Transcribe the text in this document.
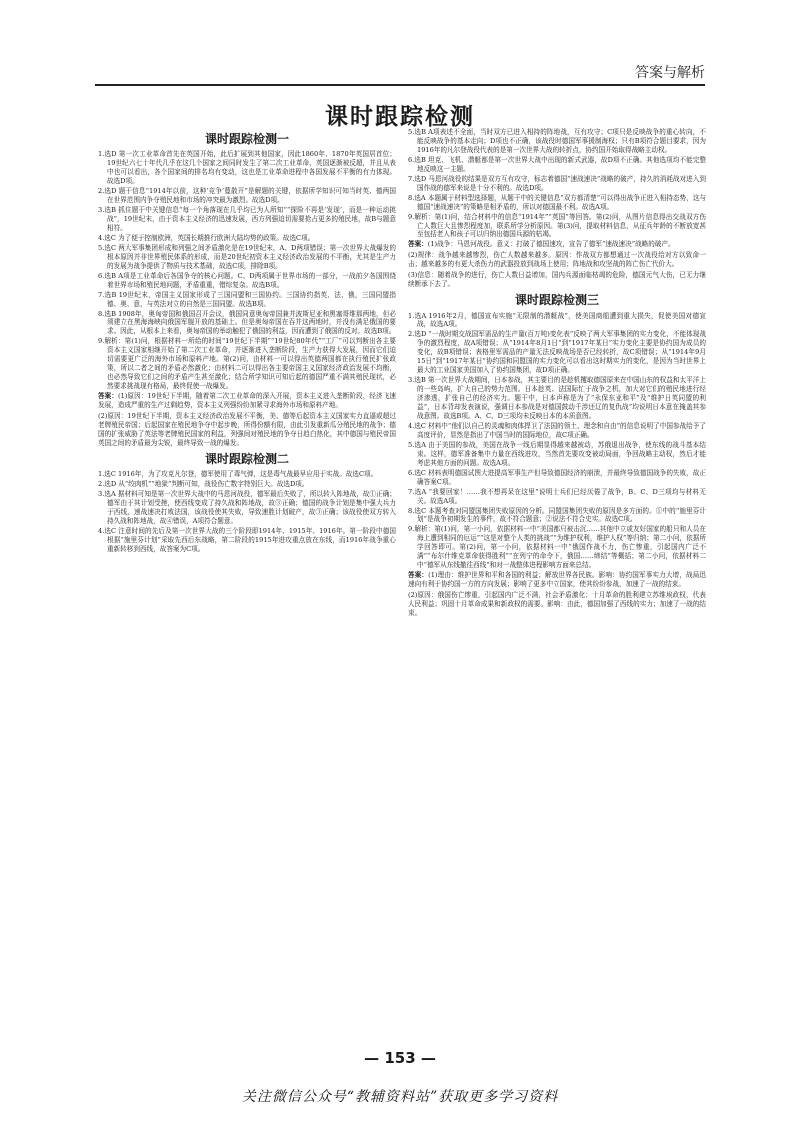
答案与解析
课时跟踪检测
课时跟踪检测一

1.选D 第一次工业革命首先在英国开始，此后扩展到其他国家，因此1860年、1870年英国居首位；19世纪六七十年代几乎在这几个国家之间同时发生了第二次工业革命，英国逐渐被反超，并且从表中也可以看出，各个国家间的排名均有变动，这也是工业革命进程中各国发展不平衡的有力体现。故选D项。

2.选D 题干信息“1914年以前，这种‘竞争’蔓散开”是解题的关键，依据所学知识可知当时英、德两国在世界范围内争夺殖民地和市场的冲突最为激烈。故选D项。

3.选B 抓住题干中关键信息“每一个角落现在几乎均已为人所知”“探险不再是‘发现’，而是一种运动挑战”，19世纪末，由于资本主义经济的迅速发展，西方列强迫切需要抢占更多的殖民地，故B与题意相符。

4.选C 为了便于控制欧洲，英国长期推行欧洲大陆均势的政策。故选C项。

5.选C 两大军事集团形成和列强之间矛盾激化是在19世纪末，A、D两项错误；第一次世界大战爆发的根本原因并非世界殖民体系的形成，而是20世纪初资本主义经济政治发展的不平衡，尤其是生产力的发展为战争提供了物质与技术基础，故选C项，排除B项。

6.选B A项是工业革命后各国争夺的核心问题。C、D两项属于世界市场的一部分，一战前夕各国围绕着世界市场和殖民地问题，矛盾重重，错综复杂。故选B项。

7.选B 19世纪末，帝国主义国家形成了三国同盟和三国协约。三国协约指英、法、俄，三国同盟指德、奥、意，与英法对立的自然是三国同盟。故选B项。

8.选B 1908年，奥匈帝国和俄国召开会议，俄国同意奥匈帝国兼并波斯尼亚和黑塞哥维那两地，但必须建立在黑海海峡向俄国军舰开放的基础上。但是奥匈帝国在吞并这两地时，并没有满足俄国的要求。因此，从根本上来看，奥匈帝国的举动触犯了俄国的利益，因而遭到了俄国的反对。故选B项。

9.解析：第(1)问，根据材料一所给的时间“19世纪下半期”“19世纪80年代”“工厂”可以判断出各主要资本主义国家相继开始了第二次工业革命，并逐渐进入垄断阶段，生产力获得大发展，因而它们迫切需要更广泛的海外市场和原料产地。第(2)问，由材料一可以得出英德两国都在执行殖民扩张政策，所以二者之间的矛盾必然激化；由材料二可以得出各主要帝国主义国家经济政治发展不均衡，也必然导致它们之间的矛盾产生甚至激化；结合所学知识可知后起的德国严重不满其殖民现状，必然要求挑战现有格局，最终促使一战爆发。

答案：(1)原因：19世纪下半期，随着第二次工业革命的深入开展，资本主义进入垄断阶段，经济飞速发展，造成严重的生产过剩趋势，资本主义列强纷纷加紧寻求海外市场和原料产地。

(2)原因：19世纪下半期，资本主义经济政治发展不平衡，美、德等后起资本主义国家实力直逼或超过老牌殖民帝国；后起国家在殖民地争夺中起步晚，所得份额有限，由此引发重新瓜分殖民地的战争；德国的扩张威胁了英法等老牌殖民国家的利益，列强间对殖民地的争夺日趋白热化，其中德国与殖民帝国英国之间的矛盾最为尖锐，最终导致一战的爆发。

课时跟踪检测二

1.选C 1916年，为了攻克凡尔登，德军使用了毒气弹，这是毒气战最早应用于实战。故选C项。

2.选D 从“绞肉机”“地狱”判断可知，战役伤亡数字特别巨大。故选D项。

3.选A 据材料可知是第一次世界大战中的马恩河战役，德军最后失败了，所以转入阵地战，故①正确；德军由于其计划受挫，使西线变成了持久战和阵地战，故③正确；德国的战争计划是集中强大兵力于西线，速战速决打败法国，该战役使其失败，导致速胜计划破产，故③正确；该战役使双方转入持久战和阵地战，故④错误，A项符合题意。

4.选C 注意时间的先后及第一次世界大战的三个阶段即1914年、1915年、1916年。第一阶段中德国根据“施里芬计划”采取先西后东战略，第二阶段的1915年进攻重点放在东线，而1916年战争重心重新转移到西线，故答案为C项。

5.选B A项表述不全面，当时双方已进入相持的阵地战，互有攻守；C项只是反映战争的重心转向，不能反映战争的基本走向；D项也不正确，该战役时德国军事援制海权；只有B项符合题目要求，因为1916年的凡尔登战役代表的是第一次世界大战的转折点，协约国开始取得战略主动权。

6.选B 坦克、飞机、潜艇都是第一次世界大战中出现的新式武器，故D项不正确。其他选项均不能完整地反映这一主题。

7.选D 马恩河战役的结果是双方互有攻守，标志着德国“速战速决”战略的破产，持久的消耗战对进入到国作战的德军来说是十分不利的。故选D项。

8.选A 本题属于材料型选择题，从题干中的关键信息“双方都清楚”可以得出战争正进入相持态势，这与德国“速战速决”的策略是相矛盾的，所以对德国最不利。故选A项。

9.解析：第(1)问，结合材料中的信息“1914年”“英国”等回答。第(2)问，从图片信息得出交战双方伤亡人数巨大且惨烈程度加，联系所学分析原因。第(3)问，提取材料信息，从征兵年龄的不断放宽甚至包括老人和孩子可以归纳出德国兵源的枯竭。

答案：(1)战争：马恩河战役。意义：打破了德国速攻，宣告了德军“速战速决”战略的破产。

(2)规律：战争越来越惨烈，伤亡人数越来越多。原因：作战双方都想通过一次战役给对方以致命一击；越来越多的有更大杀伤力的武器投放到战场上使用；阵地战和攻坚战的阵亡伤亡代价大。

(3)信息：随着战争的进行，伤亡人数日益增加，国内兵源面临枯竭的危险，德国元气大伤，已无力继续断承下去了。

课时跟踪检测三

1.选A 1916年2月，德国宣布实施“无限制的潜艇战”，使美国商船遭到重大损失，促使美国对德宣战，故选A项。

2.选D “一战时期交战国军需品的生产量(百万吨)变化表”反映了两大军事集团的实力变化，不能体现战争的激烈程度，故A项错误；从“1914年8月1日”到“1917年某日”实力变化主要是协约国为成员的变化，故B项错误；表格里军需品的产量无法反映战场是否已经转折，故C项错误；从“1914年9月15日”到“1917年某日”协约国和同盟国的实力变化可以看出这时期实力的变化，是因为当时世界上最大的工业国家美国加入了协约国集团，故D项正确。

3.选B 第一次世界大战期间，日本参战，其主要目的是趁机攫取德国原来在中国山东的权益和太平洋上的一些岛屿，扩大自己的势力范围。日本趁英、法国际忙于战争之机，加大对它们的殖民地进行经济渗透，扩张自己的经济实力。题干中，日本声称是为了“永保东亚和平”及“维护日英同盟的利益”，日本背却发表演说，强调日本参战是对德国鼓动千涉还辽的复仇战”均说明日本意在掩盖其参战意图。故选B项。A、C、D三项均未反映日本的本质意图。

4.选C 材料中“他们以自己的灵魂和肉体捍卫了法国的领土、理念和自由”的信息说明了中国参战给予了高度评价，显然是指出了中国当时的国际地位，故C项正确。

5.选A 由于美国的参战，美国在战争一线后期显得越来越被动，苏俄退出战争，使东线的战斗基本结束。这样，德军准备集中力量在西线进攻，当然首先要攻变被动局面，争回战略主动权，然后才能考虑其他方面的问题。故选A项。

6.选C 材料表明德国试图大进提高军事生产但导致德国经济的崩溃，并最终导致德国战争的失败，故正确答案C项。

7.选A “我要回家！……我不想再呆在这里”说明士兵们已经厌倦了战争，B、C、D三项均与材料无关。故选A项。

8.选C 本题考查对同盟国集团失败原因的分析。同盟国集团失败的原因是多方面的。①中的“施里芬计划”是战争初期发生的事件，故不符合题意；②说法不符合史实。故选C项。

9.解析：第(1)问，第一小问，依据材料一中“美国都只被击沉……其他中立或友好国家的船只和人员在海上遭到相同的厄运”“这是对整个人类的挑战”“为维护权利，维护人权”等归纳；第二小问，依据所学回答即可。第(2)问，第一小问，依据材料一中“俄国作战不力，伤亡惨重，引起国内广泛不满”“布尔什维克革命获得胜利”“在列宁的命令下，俄国……缔结”等概括；第二小问，依据材料二中“德军从东线撤往西线”和对一战整体进程影响方面来总结。

答案：(1)理由：维护世界和平和各国的利益；解放世界各民族。影响：协约国军事实力大增，战局迅速向有利于协约国一方的方向发展；影响了更多中立国家，使其纷纷参战，加速了一战的结束。

(2)原因：俄国伤亡惨重，引起国内广泛不满，社会矛盾激化；十月革命的胜利建立苏维埃政权，代表人民利益；巩固十月革命成果和新政权的需要。影响：由此，德国加强了西线的实力；加速了一战的结束。

— 153 —
关注微信公众号“教辅资料站”获取更多学习资料
